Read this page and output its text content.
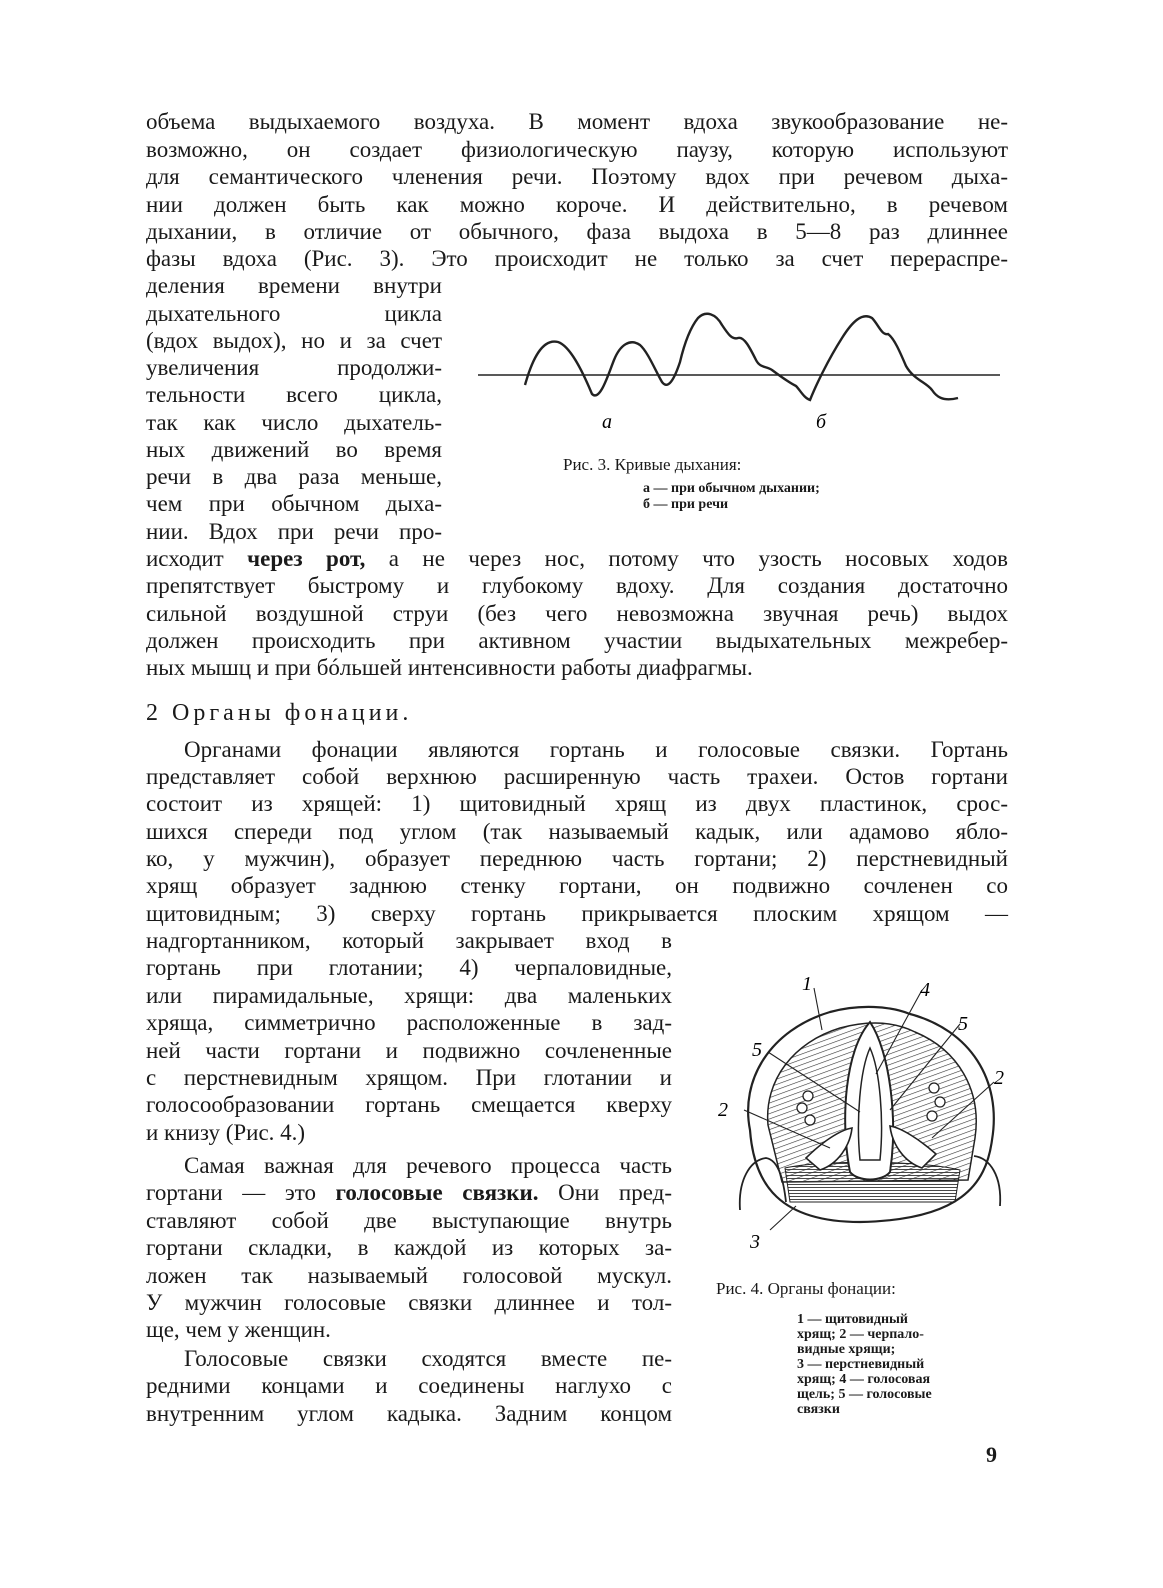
объема выдыхаемого воздуха. В момент вдоха звукообразование не-
возможно, он создает физиологическую паузу, которую используют
для семантического членения речи. Поэтому вдох при речевом дыха-
нии должен быть как можно короче. И действительно, в речевом
дыхании, в отличие от обычного, фаза выдоха в 5—8 раз длиннее
фазы вдоха (Рис. 3). Это происходит не только за счет перераспре-
деления времени внутри
дыхательного цикла
(вдох выдох), но и за счет
увеличения продолжи-
тельности всего цикла,
так как число дыхатель-
ных движений во время
речи в два раза меньше,
чем при обычном дыха-
нии. Вдох при речи про-
исходит через рот, а не через нос, потому что узость носовых ходов
препятствует быстрому и глубокому вдоху. Для создания достаточно
сильной воздушной струи (без чего невозможна звучная речь) выдох
должен происходить при активном участии выдыхательных межребер-
ных мышц и при бóльшей интенсивности работы диафрагмы.
а	б
Рис. 3. Кривые дыхания:
а — при обычном дыхании;
б — при речи
2 Органы фонации.
Органами фонации являются гортань и голосовые связки. Гортань
представляет собой верхнюю расширенную часть трахеи. Остов гортани
состоит из хрящей: 1) щитовидный хрящ из двух пластинок, срос-
шихся спереди под углом (так называемый кадык, или адамово ябло-
ко, у мужчин), образует переднюю часть гортани; 2) перстневидный
хрящ образует заднюю стенку гортани, он подвижно сочленен со
щитовидным; 3) сверху гортань прикрывается плоским хрящом —
надгортанником, который закрывает вход в
гортань при глотании; 4) черпаловидные,
или пирамидальные, хрящи: два маленьких
хряща, симметрично расположенные в зад-
ней части гортани и подвижно сочлененные
с перстневидным хрящом. При глотании и
голосообразовании гортань смещается кверху
и книзу (Рис. 4.)
Самая важная для речевого процесса часть
гортани — это голосовые связки. Они пред-
ставляют собой две выступающие внутрь
гортани складки, в каждой из которых за-
ложен так называемый голосовой мускул.
У мужчин голосовые связки длиннее и тол-
ще, чем у женщин.
Голосовые связки сходятся вместе пе-
редними концами и соединены наглухо с
внутренним углом кадыка. Задним концом
1	4
5
5
2
2
3
Рис. 4. Органы фонации:
1 — щитовидный
хрящ; 2 — черпало-
видные хрящи;
3 — перстневидный
хрящ; 4 — голосовая
щель; 5 — голосовые
связки
9
